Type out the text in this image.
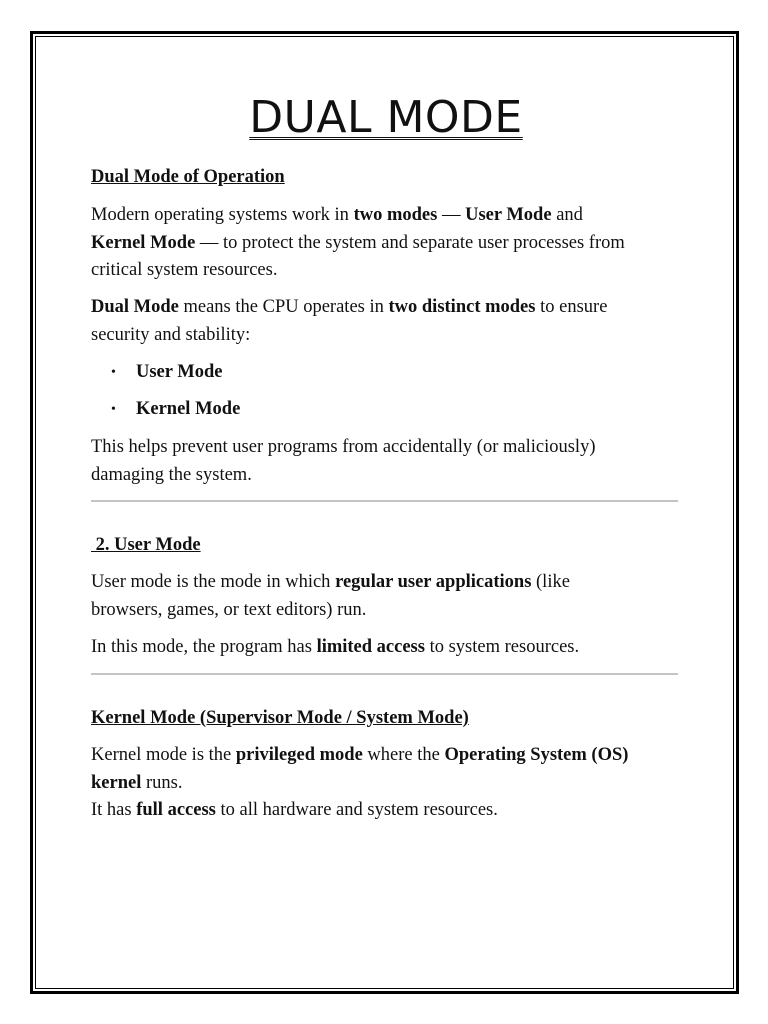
DUAL MODE
Dual Mode of Operation
Modern operating systems work in two modes — User Mode and
Kernel Mode — to protect the system and separate user processes from
critical system resources.
Dual Mode means the CPU operates in two distinct modes to ensure
security and stability:
• User Mode
• Kernel Mode
This helps prevent user programs from accidentally (or maliciously)
damaging the system.
2. User Mode
User mode is the mode in which regular user applications (like
browsers, games, or text editors) run.
In this mode, the program has limited access to system resources.
Kernel Mode (Supervisor Mode / System Mode)
Kernel mode is the privileged mode where the Operating System (OS)
kernel runs.
It has full access to all hardware and system resources.
